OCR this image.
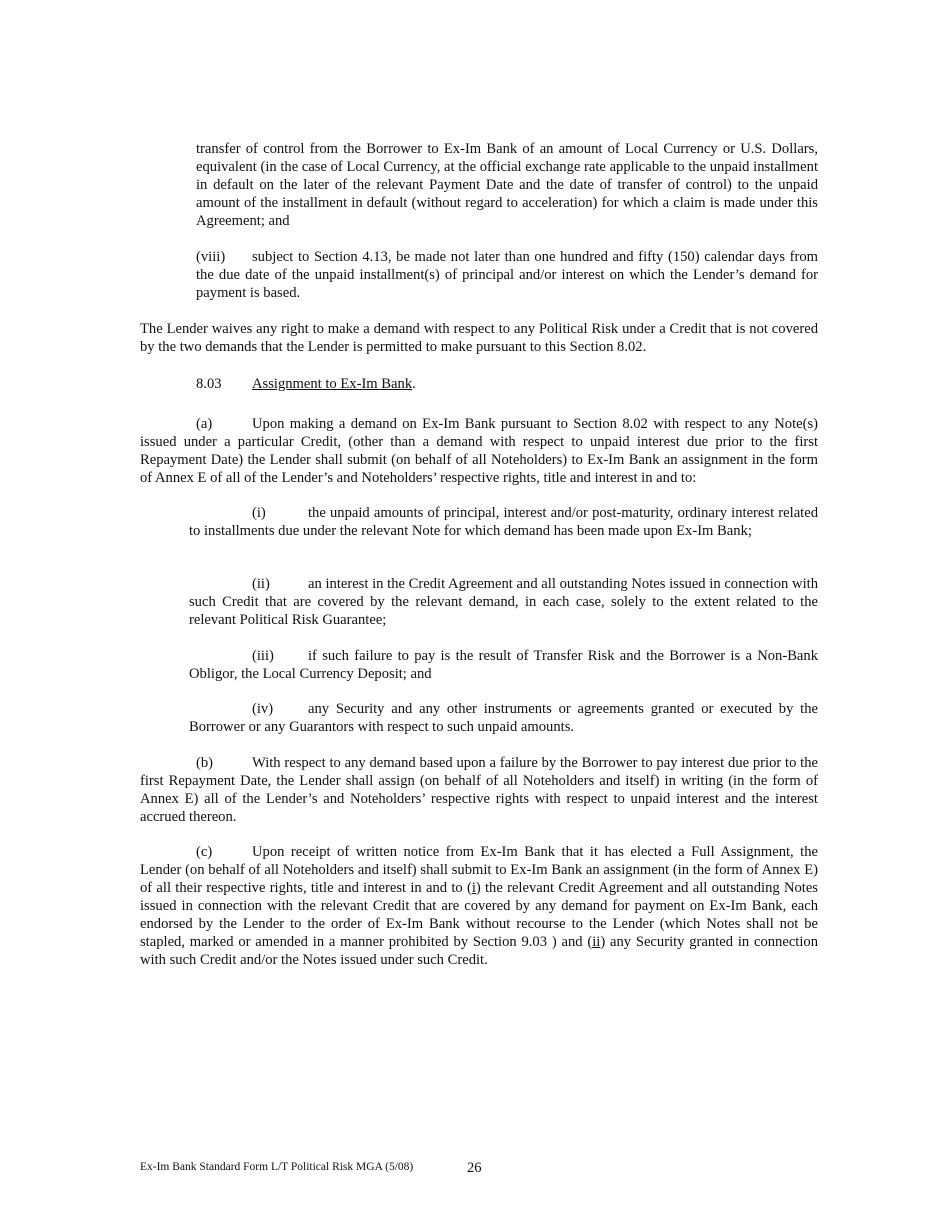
transfer of control from the Borrower to Ex-Im Bank of an amount of Local Currency or U.S. Dollars, equivalent (in the case of Local Currency, at the official exchange rate applicable to the unpaid installment in default on the later of the relevant Payment Date and the date of transfer of control) to the unpaid amount of the installment in default (without regard to acceleration) for which a claim is made under this Agreement; and

(viii) subject to Section 4.13, be made not later than one hundred and fifty (150) calendar days from the due date of the unpaid installment(s) of principal and/or interest on which the Lender’s demand for payment is based.

The Lender waives any right to make a demand with respect to any Political Risk under a Credit that is not covered by the two demands that the Lender is permitted to make pursuant to this Section 8.02.

8.03 Assignment to Ex-Im Bank.

(a)	Upon making a demand on Ex-Im Bank pursuant to Section 8.02 with respect to any Note(s) issued under a particular Credit, (other than a demand with respect to unpaid interest due prior to the first Repayment Date) the Lender shall submit (on behalf of all Noteholders) to Ex-Im Bank an assignment in the form of Annex E of all of the Lender’s and Noteholders’ respective rights, title and interest in and to:

(i)	the unpaid amounts of principal, interest and/or post-maturity, ordinary interest related to installments due under the relevant Note for which demand has been made upon Ex-Im Bank;

(ii)	an interest in the Credit Agreement and all outstanding Notes issued in connection with such Credit that are covered by the relevant demand, in each case, solely to the extent related to the relevant Political Risk Guarantee;

(iii) if such failure to pay is the result of Transfer Risk and the Borrower is a Non-Bank Obligor, the Local Currency Deposit; and

(iv) any Security and any other instruments or agreements granted or executed by the Borrower or any Guarantors with respect to such unpaid amounts.

(b)	With respect to any demand based upon a failure by the Borrower to pay interest due prior to the first Repayment Date, the Lender shall assign (on behalf of all Noteholders and itself) in writing (in the form of Annex E) all of the Lender’s and Noteholders’ respective rights with respect to unpaid interest and the interest accrued thereon.

(c)	Upon receipt of written notice from Ex-Im Bank that it has elected a Full Assignment, the Lender (on behalf of all Noteholders and itself) shall submit to Ex-Im Bank an assignment (in the form of Annex E) of all their respective rights, title and interest in and to (i) the relevant Credit Agreement and all outstanding Notes issued in connection with the relevant Credit that are covered by any demand for payment on Ex-Im Bank, each endorsed by the Lender to the order of Ex-Im Bank without recourse to the Lender (which Notes shall not be stapled, marked or amended in a manner prohibited by Section 9.03 ) and (ii) any Security granted in connection with such Credit and/or the Notes issued under such Credit.

Ex-Im Bank Standard Form L/T Political Risk MGA (5/08)	26
